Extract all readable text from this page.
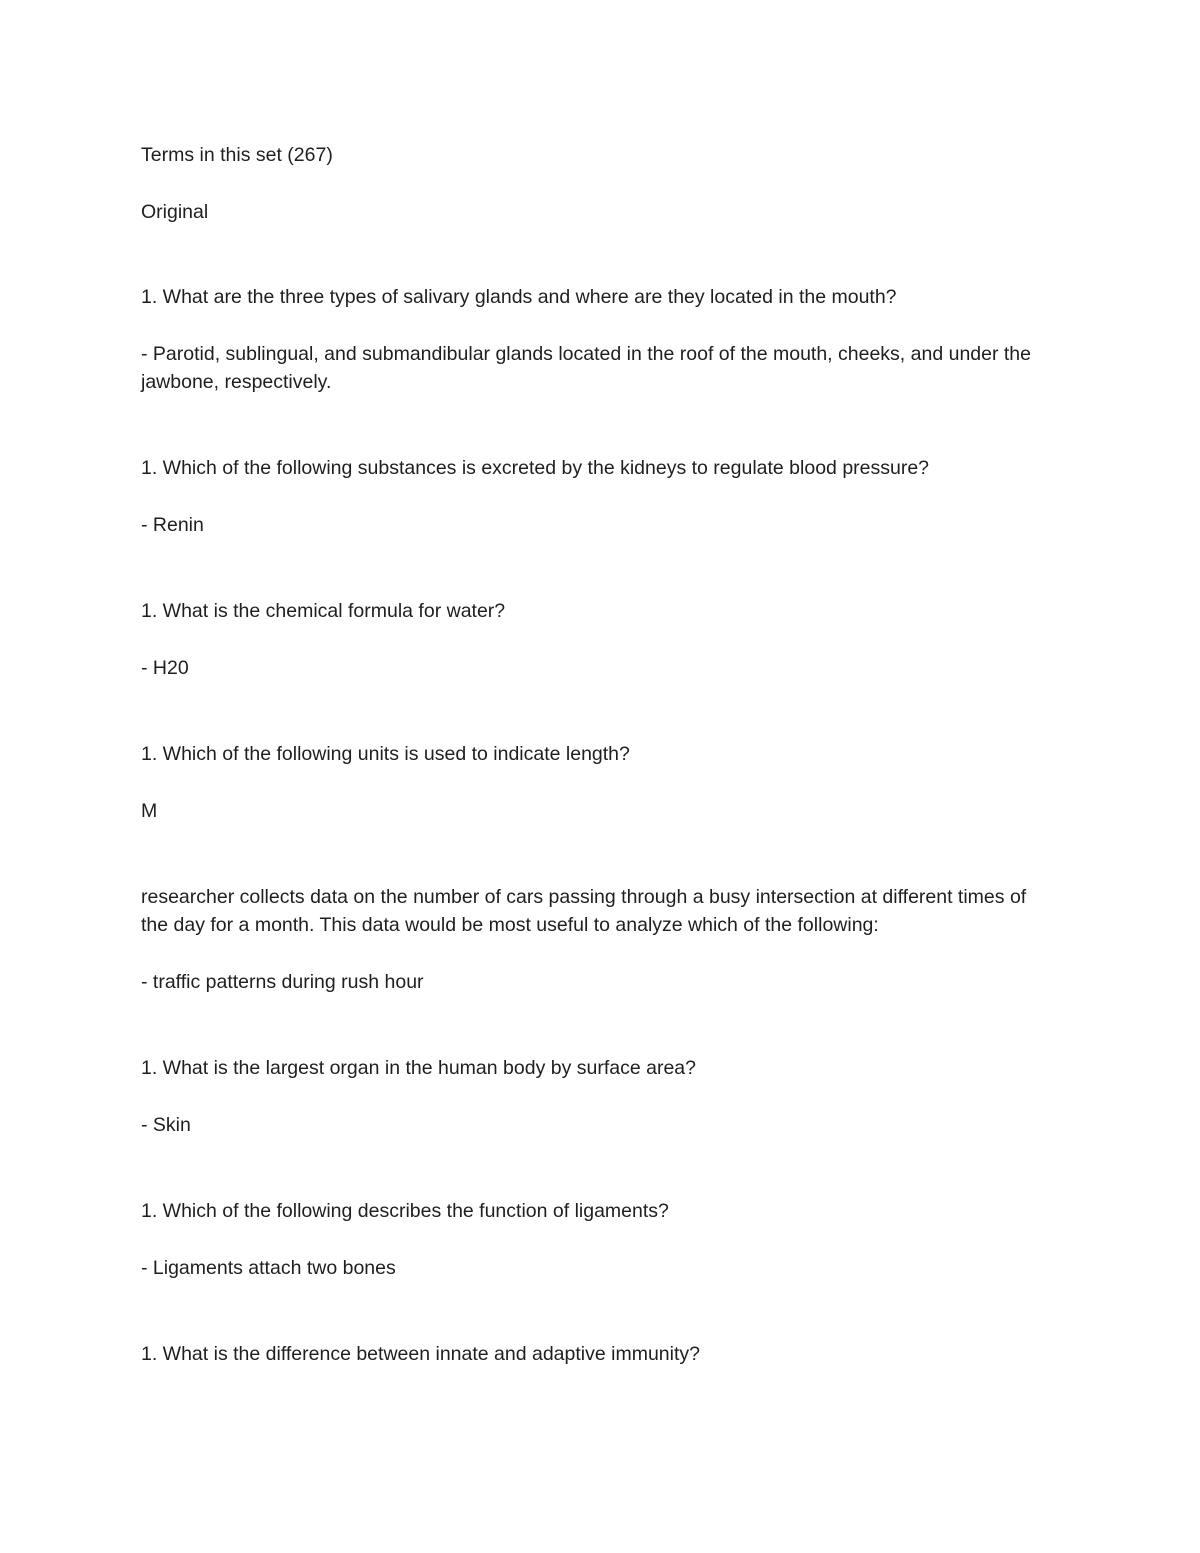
Terms in this set (267)

Original

1. What are the three types of salivary glands and where are they located in the mouth?

- Parotid, sublingual, and submandibular glands located in the roof of the mouth, cheeks, and under the jawbone, respectively.

1. Which of the following substances is excreted by the kidneys to regulate blood pressure?

- Renin

1. What is the chemical formula for water?

- H20

1. Which of the following units is used to indicate length?

M

researcher collects data on the number of cars passing through a busy intersection at different times of the day for a month. This data would be most useful to analyze which of the following:

- traffic patterns during rush hour

1. What is the largest organ in the human body by surface area?

- Skin

1. Which of the following describes the function of ligaments?

- Ligaments attach two bones

1. What is the difference between innate and adaptive immunity?
